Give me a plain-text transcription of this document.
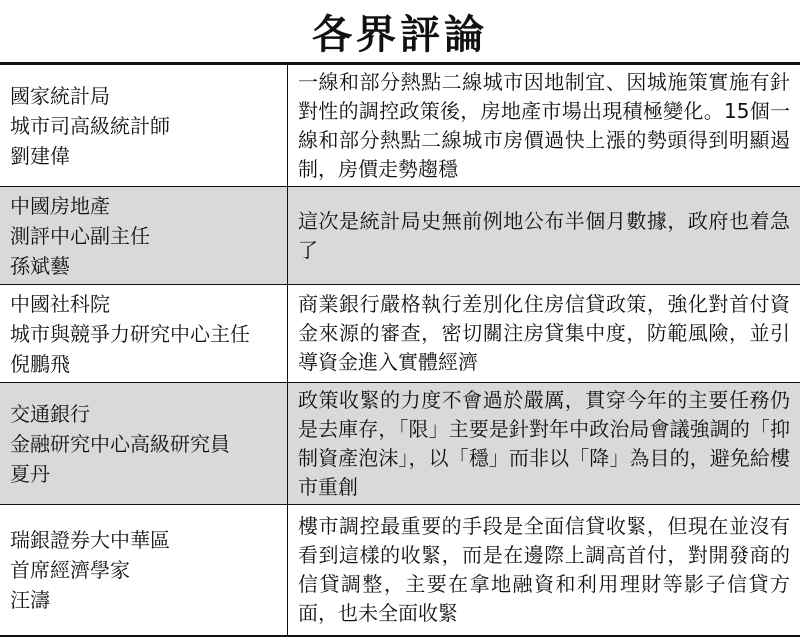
各界評論
國家統計局
城市司高級統計師
劉建偉
一線和部分熱點二線城市因地制宜、因城施策實施有針對性的調控政策後，房地產市場出現積極變化。15個一線和部分熱點二線城市房價過快上漲的勢頭得到明顯遏制，房價走勢趨穩
中國房地產
測評中心副主任
孫斌藝
這次是統計局史無前例地公布半個月數據，政府也着急了
中國社科院
城市與競爭力研究中心主任
倪鵬飛
商業銀行嚴格執行差別化住房信貸政策，強化對首付資金來源的審查，密切關注房貸集中度，防範風險，並引導資金進入實體經濟
交通銀行
金融研究中心高級研究員
夏丹
政策收緊的力度不會過於嚴厲，貫穿今年的主要任務仍是去庫存，「限」主要是針對年中政治局會議強調的「抑制資產泡沫」，以「穩」而非以「降」為目的，避免給樓市重創
瑞銀證券大中華區
首席經濟學家
汪濤
樓市調控最重要的手段是全面信貸收緊，但現在並沒有看到這樣的收緊，而是在邊際上調高首付，對開發商的信貸調整，主要在拿地融資和利用理財等影子信貸方面，也未全面收緊
